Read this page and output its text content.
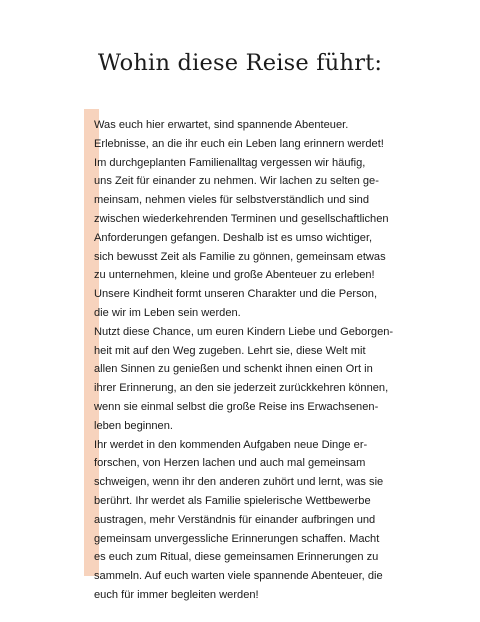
Wohin diese Reise führt:
Was euch hier erwartet, sind spannende Abenteuer.
Erlebnisse, an die ihr euch ein Leben lang erinnern werdet!
Im durchgeplanten Familienalltag vergessen wir häufig,
uns Zeit für einander zu nehmen. Wir lachen zu selten ge-
meinsam, nehmen vieles für selbstverständlich und sind
zwischen wiederkehrenden Terminen und gesellschaftlichen
Anforderungen gefangen. Deshalb ist es umso wichtiger,
sich bewusst Zeit als Familie zu gönnen, gemeinsam etwas
zu unternehmen, kleine und große Abenteuer zu erleben!
Unsere Kindheit formt unseren Charakter und die Person,
die wir im Leben sein werden.
Nutzt diese Chance, um euren Kindern Liebe und Geborgen-
heit mit auf den Weg zugeben. Lehrt sie, diese Welt mit
allen Sinnen zu genießen und schenkt ihnen einen Ort in
ihrer Erinnerung, an den sie jederzeit zurückkehren können,
wenn sie einmal selbst die große Reise ins Erwachsenen-
leben beginnen.
Ihr werdet in den kommenden Aufgaben neue Dinge er-
forschen, von Herzen lachen und auch mal gemeinsam
schweigen, wenn ihr den anderen zuhört und lernt, was sie
berührt. Ihr werdet als Familie spielerische Wettbewerbe
austragen, mehr Verständnis für einander aufbringen und
gemeinsam unvergessliche Erinnerungen schaffen. Macht
es euch zum Ritual, diese gemeinsamen Erinnerungen zu
sammeln. Auf euch warten viele spannende Abenteuer, die
euch für immer begleiten werden!
